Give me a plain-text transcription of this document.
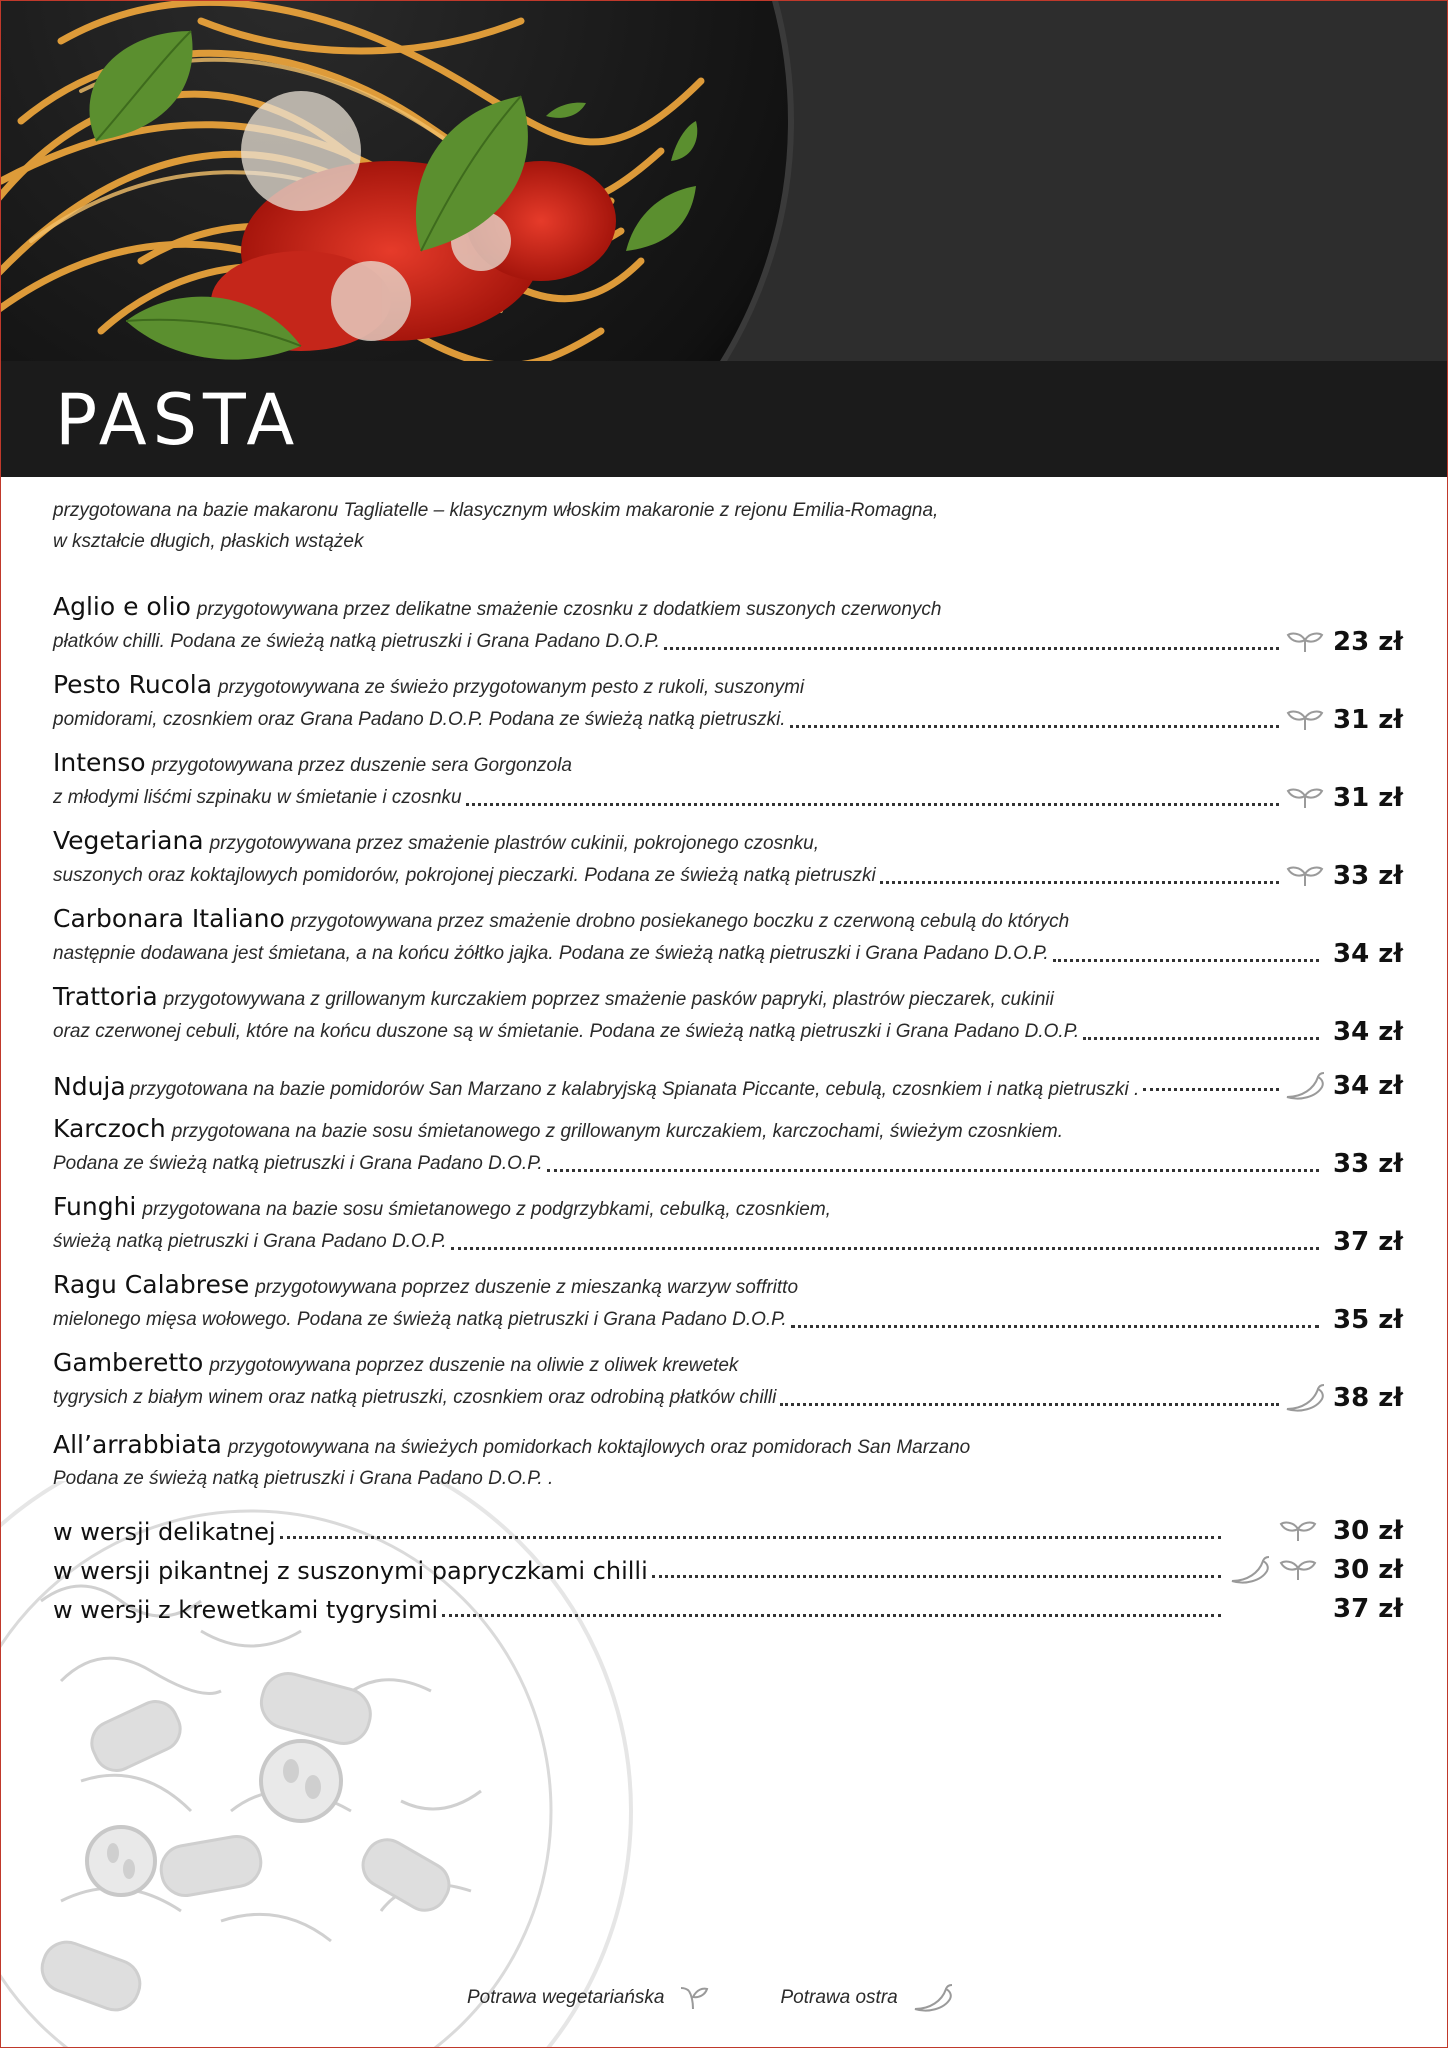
PASTA
przygotowana na bazie makaronu Tagliatelle – klasycznym włoskim makaronie z rejonu Emilia-Romagna,
w kształcie długich, płaskich wstążek
Aglio e olio przygotowywana przez delikatne smażenie czosnku z dodatkiem suszonych czerwonych
płatków chilli. Podana ze świeżą natką pietruszki i Grana Padano D.O.P.	23 zł
Pesto Rucola przygotowywana ze świeżo przygotowanym pesto z rukoli, suszonymi
pomidorami, czosnkiem oraz Grana Padano D.O.P. Podana ze świeżą natką pietruszki.	31 zł
Intenso przygotowywana przez duszenie sera Gorgonzola
z młodymi liśćmi szpinaku w śmietanie i czosnku	31 zł
Vegetariana przygotowywana przez smażenie plastrów cukinii, pokrojonego czosnku,
suszonych oraz koktajlowych pomidorów, pokrojonej pieczarki. Podana ze świeżą natką pietruszki	33 zł
Carbonara Italiano przygotowywana przez smażenie drobno posiekanego boczku z czerwoną cebulą do których
następnie dodawana jest śmietana, a na końcu żółtko jajka. Podana ze świeżą natką pietruszki i Grana Padano D.O.P.	34 zł
Trattoria przygotowywana z grillowanym kurczakiem poprzez smażenie pasków papryki, plastrów pieczarek, cukinii
oraz czerwonej cebuli, które na końcu duszone są w śmietanie. Podana ze świeżą natką pietruszki i Grana Padano D.O.P.	34 zł
Nduja przygotowana na bazie pomidorów San Marzano z kalabryjską Spianata Piccante, cebulą, czosnkiem i natką pietruszki .	34 zł
Karczoch przygotowana na bazie sosu śmietanowego z grillowanym kurczakiem, karczochami, świeżym czosnkiem.
Podana ze świeżą natką pietruszki i Grana Padano D.O.P.	33 zł
Funghi przygotowana na bazie sosu śmietanowego z podgrzybkami, cebulką, czosnkiem,
świeżą natką pietruszki i Grana Padano D.O.P.	37 zł
Ragu Calabrese przygotowywana poprzez duszenie z mieszanką warzyw soffritto
mielonego mięsa wołowego. Podana ze świeżą natką pietruszki i Grana Padano D.O.P.	35 zł
Gamberetto przygotowywana poprzez duszenie na oliwie z oliwek krewetek
tygrysich z białym winem oraz natką pietruszki, czosnkiem oraz odrobiną płatków chilli	38 zł
All’arrabbiata przygotowywana na świeżych pomidorkach koktajlowych oraz pomidorach San Marzano
Podana ze świeżą natką pietruszki i Grana Padano D.O.P. .
w wersji delikatnej	30 zł
w wersji pikantnej z suszonymi papryczkami chilli	30 zł
w wersji z krewetkami tygrysimi	37 zł
Potrawa wegetariańska	Potrawa ostra
